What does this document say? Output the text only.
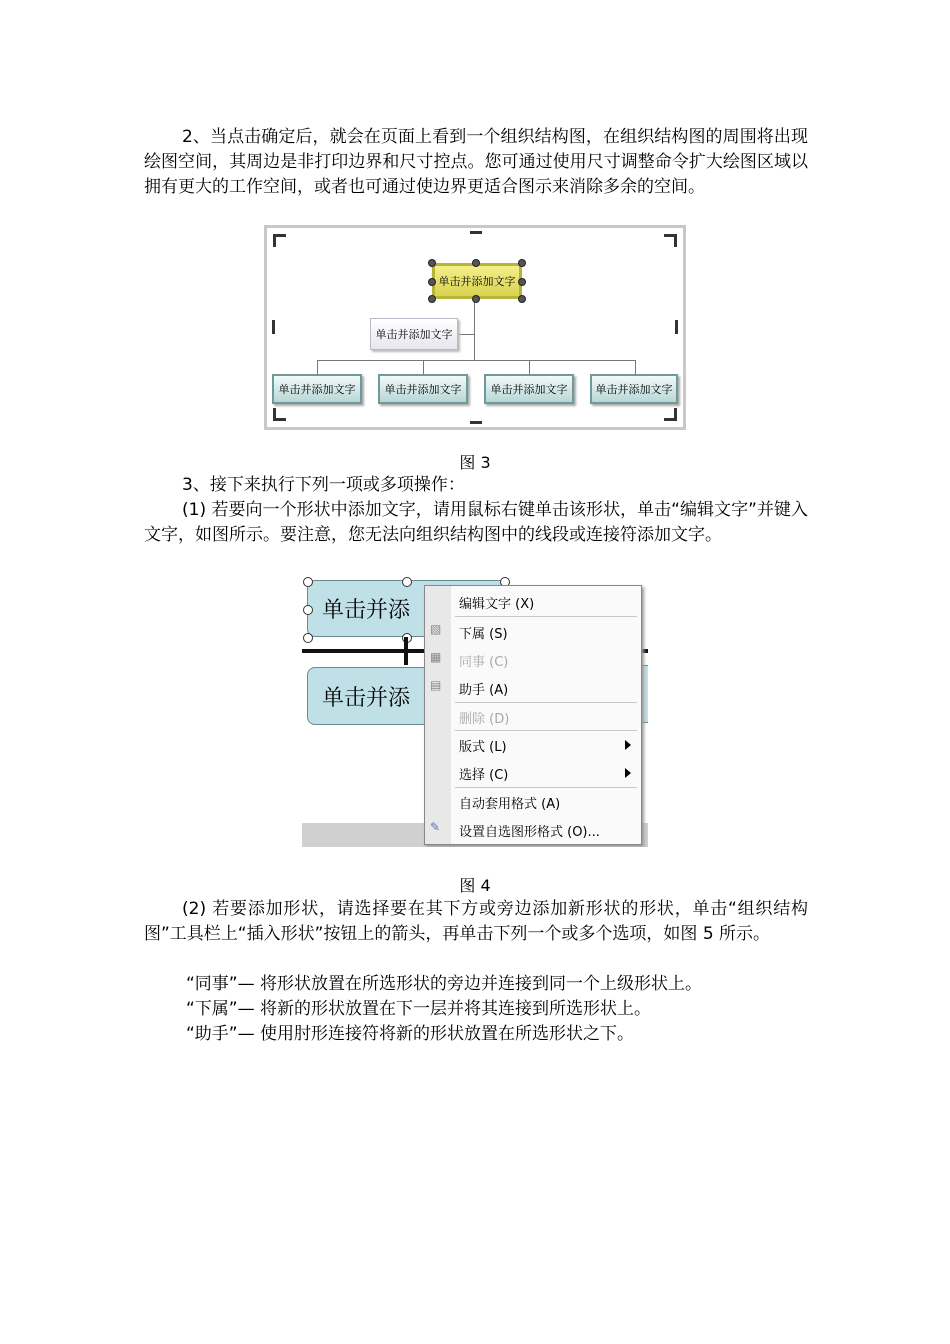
2、当点击确定后，就会在页面上看到一个组织结构图，在组织结构图的周围将出现绘图空间，其周边是非打印边界和尺寸控点。您可通过使用尺寸调整命令扩大绘图区域以拥有更大的工作空间，或者也可通过使边界更适合图示来消除多余的空间。
单击并添加文字
单击并添加文字
单击并添加文字	单击并添加文字	单击并添加文字	单击并添加文字
图 3
3、接下来执行下列一项或多项操作：
(1) 若要向一个形状中添加文字，请用鼠标右键单击该形状，单击“编辑文字”并键入文字，如图所示。要注意，您无法向组织结构图中的线段或连接符添加文字。
单击并添
单击并添
编辑文字 (X)
▧ 下属 (S)
▦ 同事 (C)
▤ 助手 (A)
删除 (D)
版式 (L)
选择 (C)
自动套用格式 (A)
✎ 设置自选图形格式 (O)...
图 4
(2) 若要添加形状，请选择要在其下方或旁边添加新形状的形状，单击“组织结构图”工具栏上“插入形状”按钮上的箭头，再单击下列一个或多个选项，如图 5 所示。
“同事”— 将形状放置在所选形状的旁边并连接到同一个上级形状上。
“下属”— 将新的形状放置在下一层并将其连接到所选形状上。
“助手”— 使用肘形连接符将新的形状放置在所选形状之下。
